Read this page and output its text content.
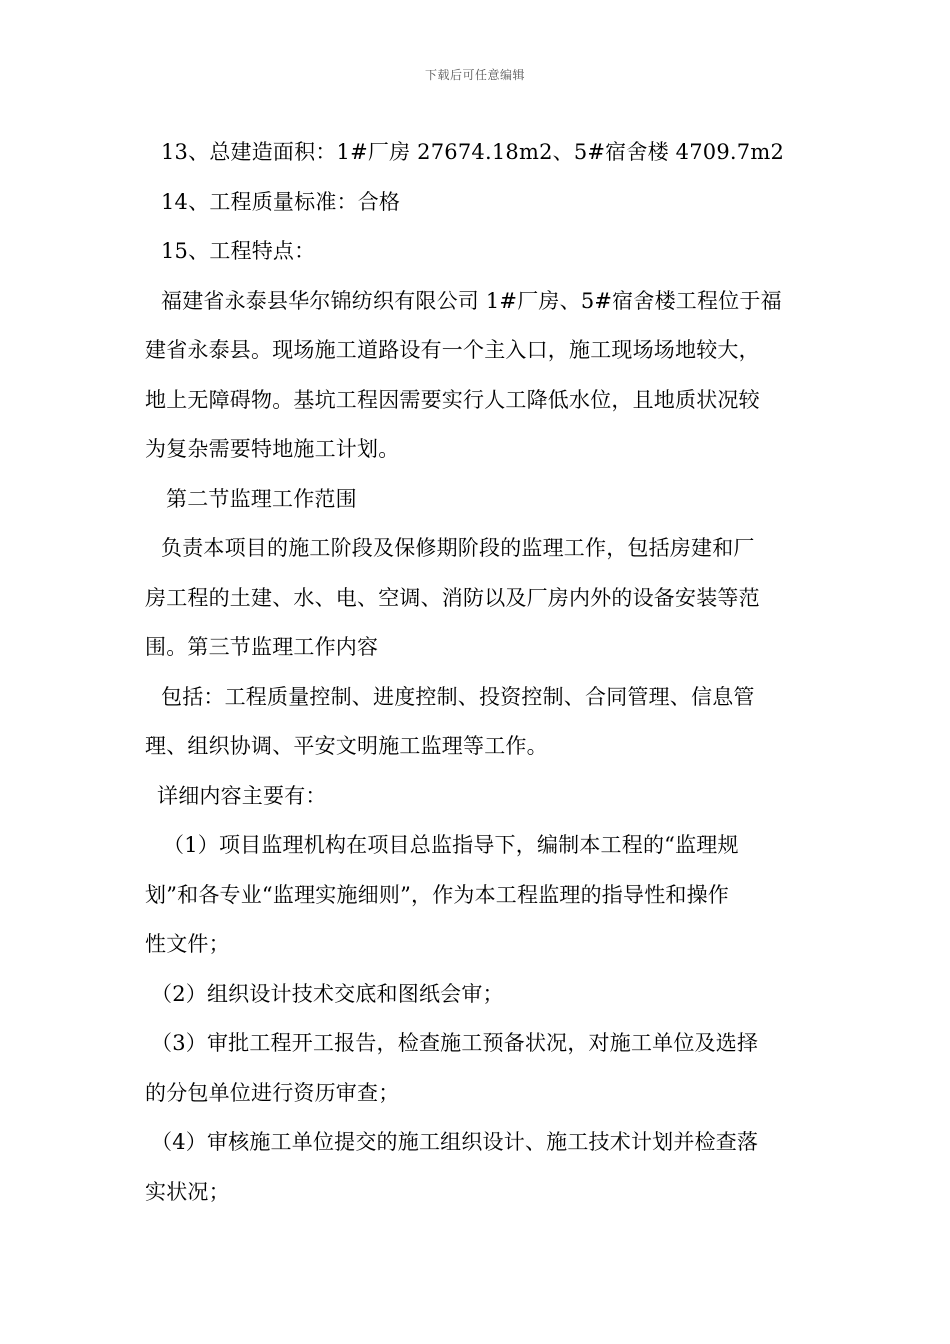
下载后可任意编辑
13、总建造面积：1#厂房 27674.18m2、5#宿舍楼 4709.7m2
14、工程质量标准：合格
15、工程特点：
福建省永泰县华尔锦纺织有限公司 1#厂房、5#宿舍楼工程位于福
建省永泰县。现场施工道路设有一个主入口，施工现场场地较大，
地上无障碍物。基坑工程因需要实行人工降低水位，且地质状况较
为复杂需要特地施工计划。
第二节监理工作范围
负责本项目的施工阶段及保修期阶段的监理工作，包括房建和厂
房工程的土建、水、电、空调、消防以及厂房内外的设备安装等范
围。第三节监理工作内容
包括：工程质量控制、进度控制、投资控制、合同管理、信息管
理、组织协调、平安文明施工监理等工作。
详细内容主要有：
（1）项目监理机构在项目总监指导下，编制本工程的“监理规
划”和各专业“监理实施细则”，作为本工程监理的指导性和操作
性文件；
（2）组织设计技术交底和图纸会审；
（3）审批工程开工报告，检查施工预备状况，对施工单位及选择
的分包单位进行资历审查；
（4）审核施工单位提交的施工组织设计、施工技术计划并检查落
实状况；
